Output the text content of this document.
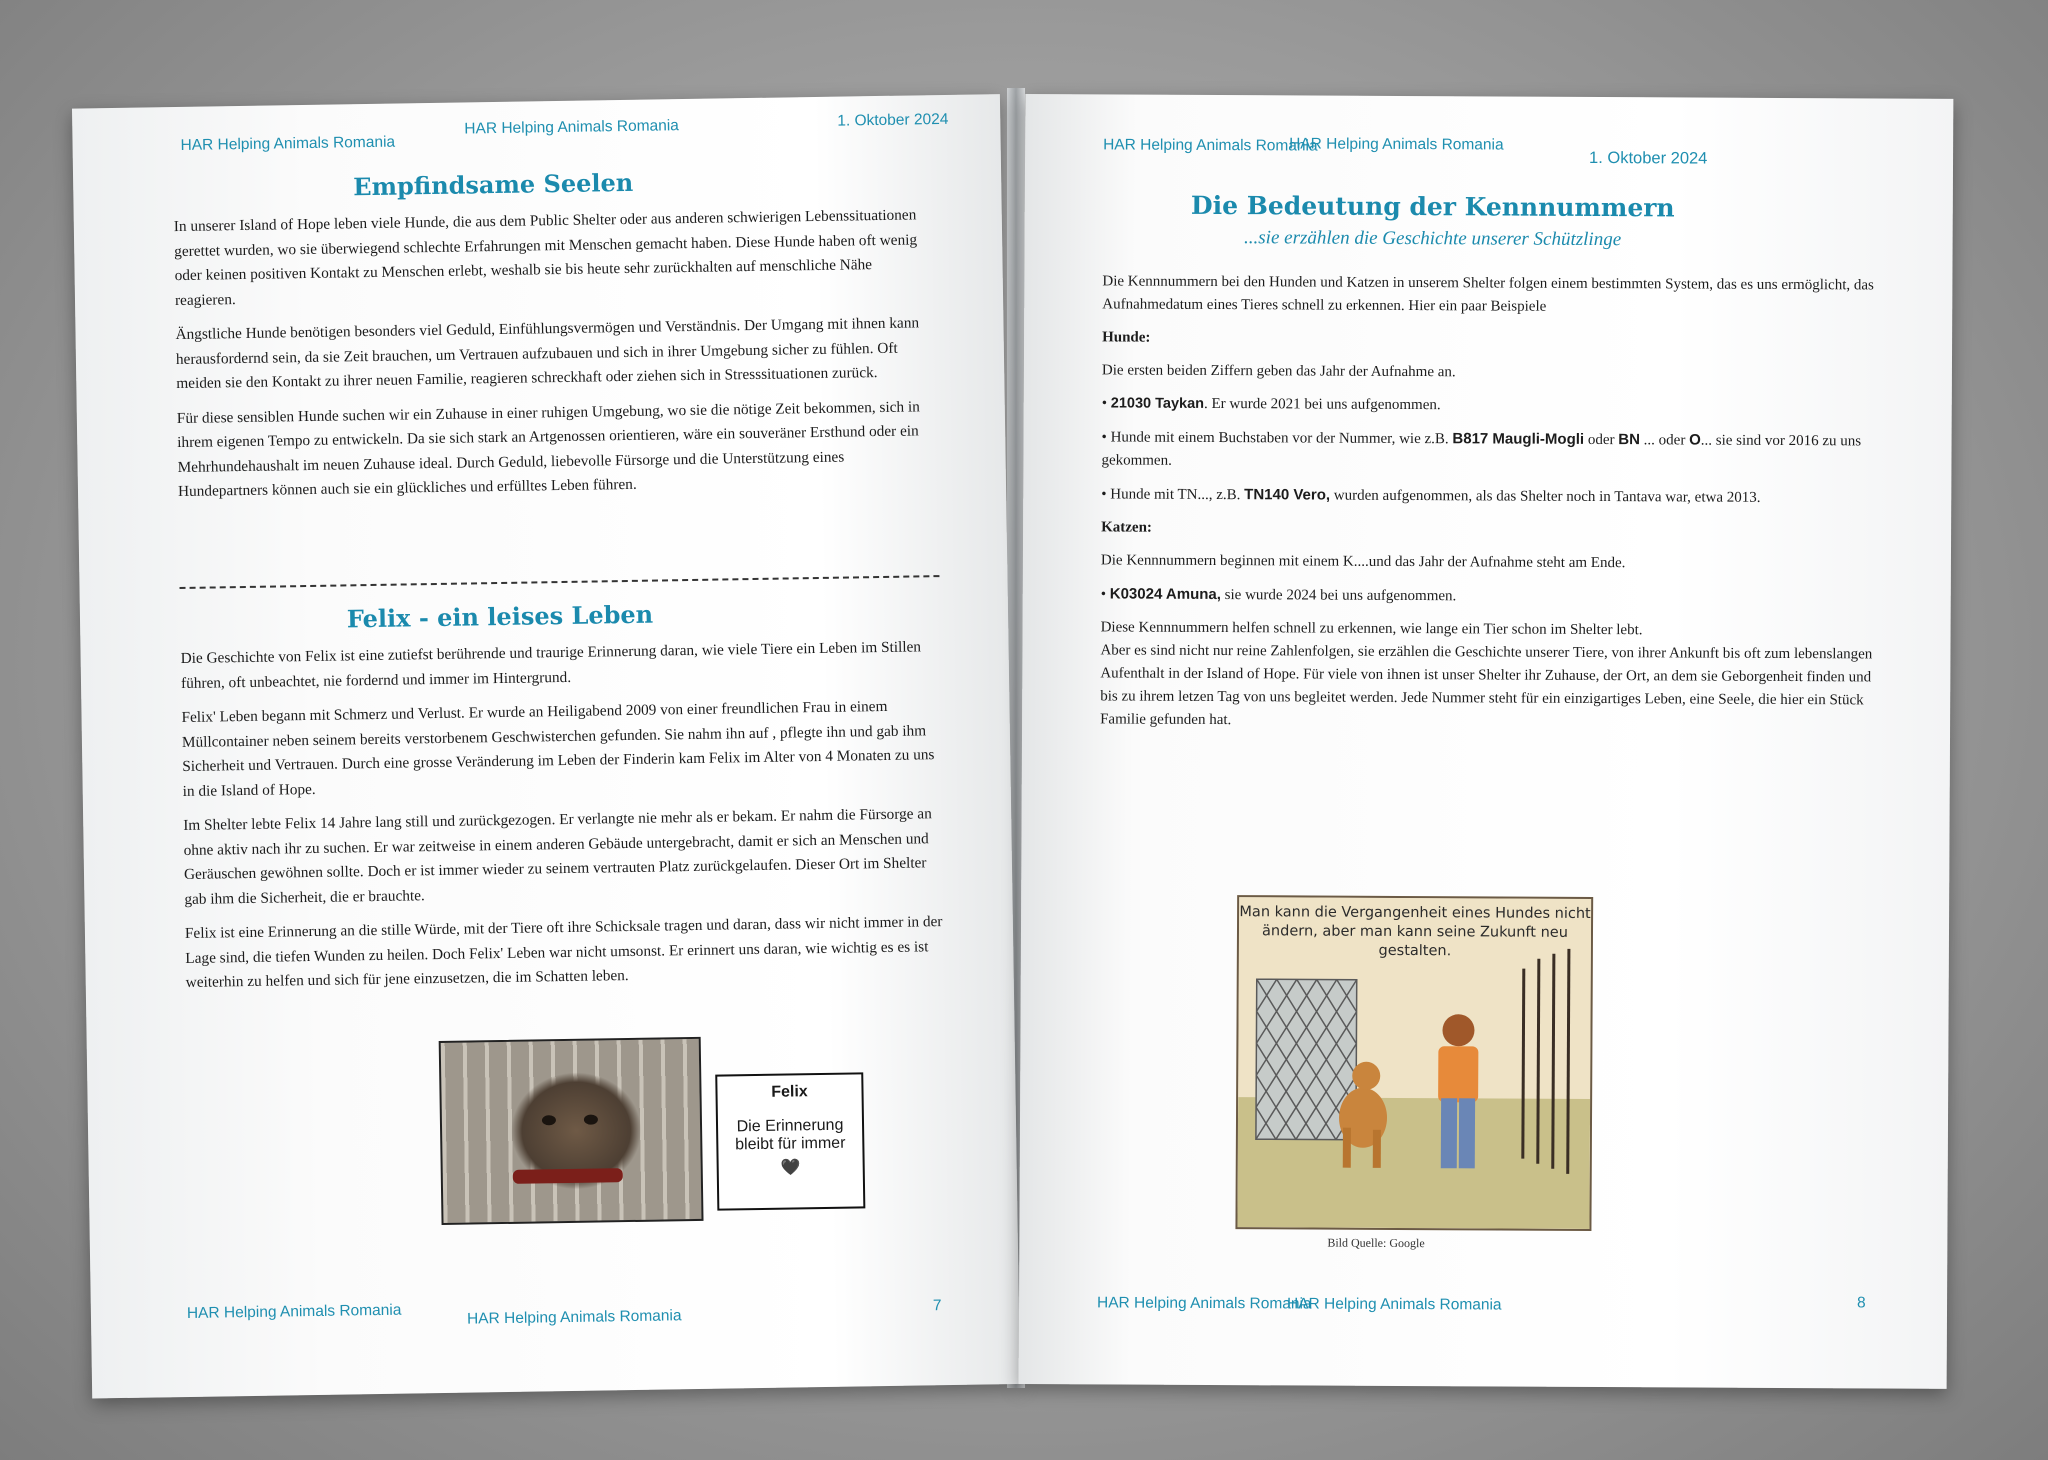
HAR Helping Animals Romania
HAR Helping Animals Romania	1. Oktober 2024
Empfindsame Seelen

In unserer Island of Hope leben viele Hunde, die aus dem Public Shelter oder aus anderen schwierigen Lebenssituationen gerettet wurden, wo sie überwiegend schlechte Erfahrungen mit Menschen gemacht haben. Diese Hunde haben oft wenig oder keinen positiven Kontakt zu Menschen erlebt, weshalb sie bis heute sehr zurückhalten auf menschliche Nähe reagieren.

Ängstliche Hunde benötigen besonders viel Geduld, Einfühlungsvermögen und Verständnis. Der Umgang mit ihnen kann herausfordernd sein, da sie Zeit brauchen, um Vertrauen aufzubauen und sich in ihrer Umgebung sicher zu fühlen. Oft meiden sie den Kontakt zu ihrer neuen Familie, reagieren schreckhaft oder ziehen sich in Stresssituationen zurück.

Für diese sensiblen Hunde suchen wir ein Zuhause in einer ruhigen Umgebung, wo sie die nötige Zeit bekommen, sich in ihrem eigenen Tempo zu entwickeln. Da sie sich stark an Artgenossen orientieren, wäre ein souveräner Ersthund oder ein Mehrhundehaushalt im neuen Zuhause ideal. Durch Geduld, liebevolle Fürsorge und die Unterstützung eines Hundepartners können auch sie ein glückliches und erfülltes Leben führen.

Felix - ein leises Leben

Die Geschichte von Felix ist eine zutiefst berührende und traurige Erinnerung daran, wie viele Tiere ein Leben im Stillen führen, oft unbeachtet, nie fordernd und immer im Hintergrund.

Felix' Leben begann mit Schmerz und Verlust. Er wurde an Heiligabend 2009 von einer freundlichen Frau in einem Müllcontainer neben seinem bereits verstorbenem Geschwisterchen gefunden. Sie nahm ihn auf , pflegte ihn und gab ihm Sicherheit und Vertrauen. Durch eine grosse Veränderung im Leben der Finderin kam Felix im Alter von 4 Monaten zu uns in die Island of Hope.

Im Shelter lebte Felix 14 Jahre lang still und zurückgezogen. Er verlangte nie mehr als er bekam. Er nahm die Fürsorge an ohne aktiv nach ihr zu suchen. Er war zeitweise in einem anderen Gebäude untergebracht, damit er sich an Menschen und Geräuschen gewöhnen sollte. Doch er ist immer wieder zu seinem vertrauten Platz zurückgelaufen. Dieser Ort im Shelter gab ihm die Sicherheit, die er brauchte.

Felix ist eine Erinnerung an die stille Würde, mit der Tiere oft ihre Schicksale tragen und daran, dass wir nicht immer in der Lage sind, die tiefen Wunden zu heilen. Doch Felix' Leben war nicht umsonst. Er erinnert uns daran, wie wichtig es es ist weiterhin zu helfen und sich für jene einzusetzen, die im Schatten leben.

Felix
Die Erinnerung
bleibt für immer
🖤
HAR Helping Animals Romania	HAR Helping Animals Romania
7
HAR Helping Animals Romania
HAR Helping Animals Romania
1. Oktober 2024
Die Bedeutung der Kennnummern
...sie erzählen die Geschichte unserer Schützlinge

Die Kennnummern bei den Hunden und Katzen in unserem Shelter folgen einem bestimmten System, das es uns ermöglicht, das Aufnahmedatum eines Tieres schnell zu erkennen. Hier ein paar Beispiele

Hunde:

Die ersten beiden Ziffern geben das Jahr der Aufnahme an.

• 21030 Taykan. Er wurde 2021 bei uns aufgenommen.

• Hunde mit einem Buchstaben vor der Nummer, wie z.B. B817 Maugli-Mogli oder BN ... oder O... sie sind vor 2016 zu uns gekommen.

• Hunde mit TN..., z.B. TN140 Vero, wurden aufgenommen, als das Shelter noch in Tantava war, etwa 2013.

Katzen:

Die Kennnummern beginnen mit einem K....und das Jahr der Aufnahme steht am Ende.

• K03024 Amuna, sie wurde 2024 bei uns aufgenommen.

Diese Kennnummern helfen schnell zu erkennen, wie lange ein Tier schon im Shelter lebt.

Aber es sind nicht nur reine Zahlenfolgen, sie erzählen die Geschichte unserer Tiere, von ihrer Ankunft bis oft zum lebenslangen Aufenthalt in der Island of Hope. Für viele von ihnen ist unser Shelter ihr Zuhause, der Ort, an dem sie Geborgenheit finden und bis zu ihrem letzen Tag von uns begleitet werden. Jede Nummer steht für ein einzigartiges Leben, eine Seele, die hier ein Stück Familie gefunden hat.

Man kann die Vergangenheit eines Hundes nicht ändern, aber man kann seine Zukunft neu gestalten.
Bild Quelle: Google
HAR Helping Animals Romania
HAR Helping Animals Romania	8
